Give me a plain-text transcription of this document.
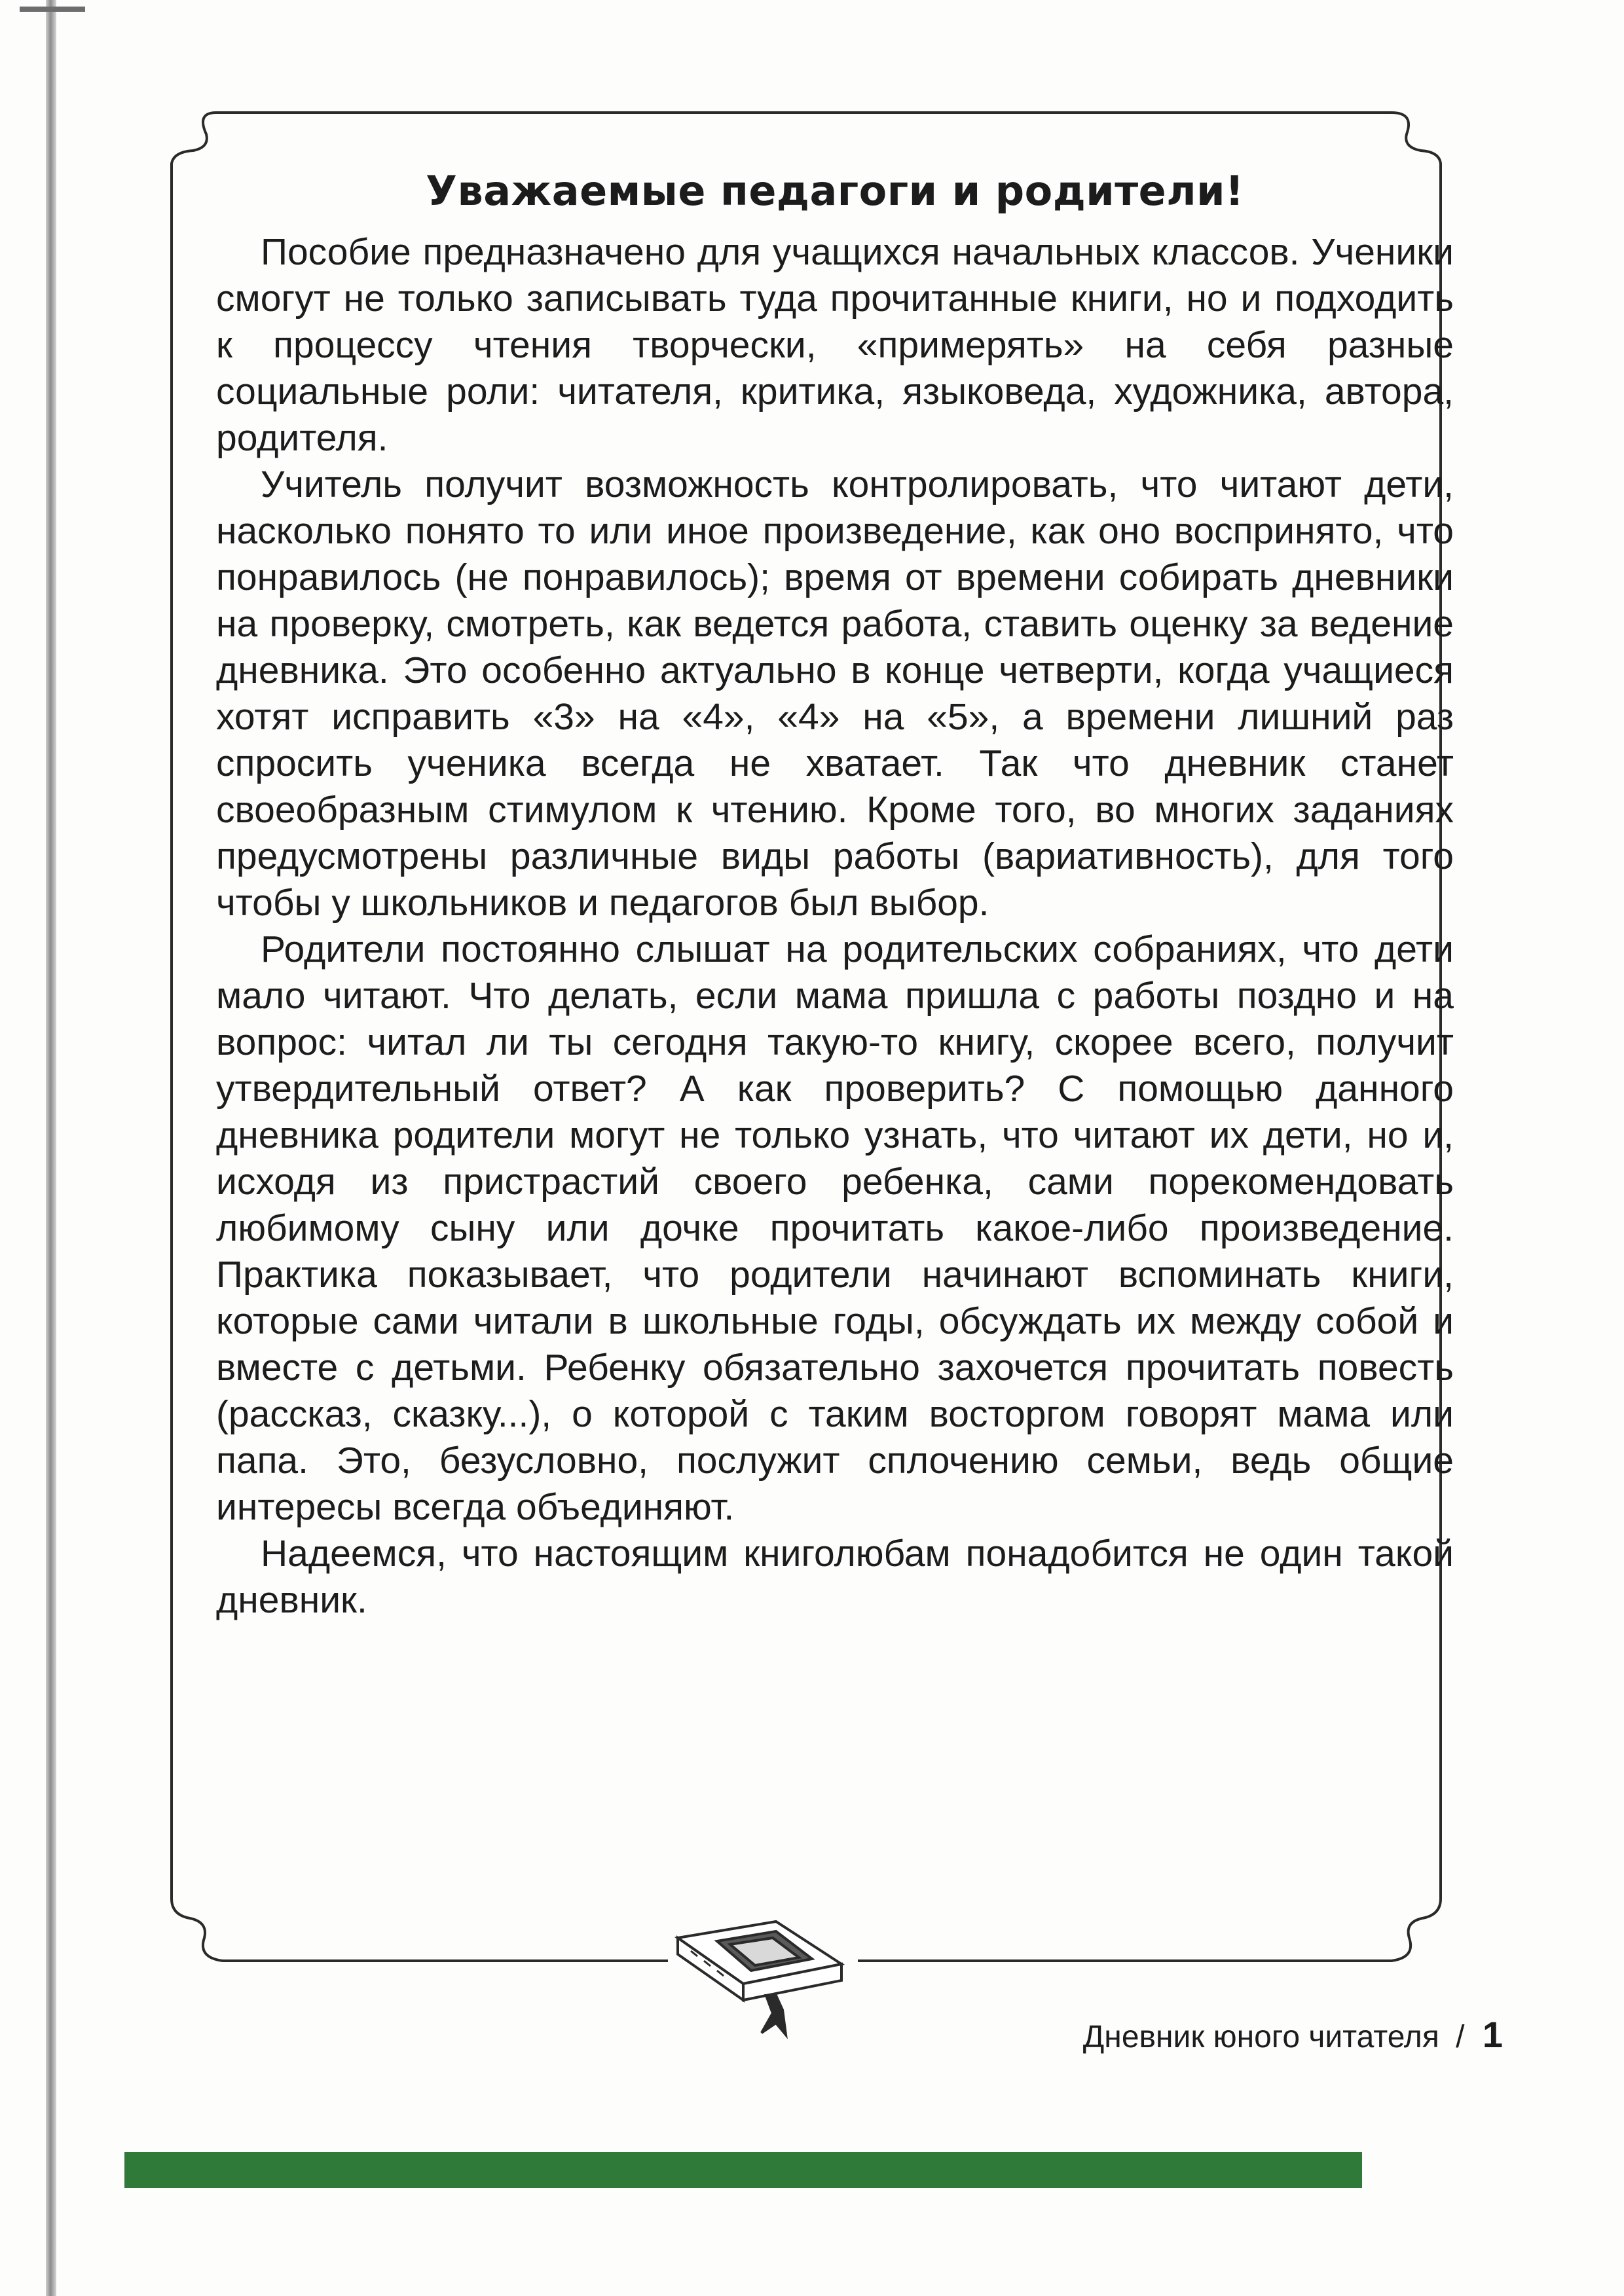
Уважаемые педагоги и родители!

Пособие предназначено для учащихся начальных классов. Ученики смогут не только записывать туда прочитанные книги, но и подходить к процессу чтения творчески, «примерять» на себя разные социальные роли: читателя, критика, языковеда, художника, автора, родителя.

Учитель получит возможность контролировать, что читают дети, насколько понято то или иное произведение, как оно воспринято, что понравилось (не понравилось); время от времени собирать дневники на проверку, смотреть, как ведется работа, ставить оценку за ведение дневника. Это особенно актуально в конце четверти, когда учащиеся хотят исправить «3» на «4», «4» на «5», а времени лишний раз спросить ученика всегда не хватает. Так что дневник станет своеобразным стимулом к чтению. Кроме того, во многих заданиях предусмотрены различные виды работы (вариативность), для того чтобы у школьников и педагогов был выбор.

Родители постоянно слышат на родительских собраниях, что дети мало читают. Что делать, если мама пришла с работы поздно и на вопрос: читал ли ты сегодня такую-то книгу, скорее всего, получит утвердительный ответ? А как проверить? С помощью данного дневника родители могут не только узнать, что читают их дети, но и, исходя из пристрастий своего ребенка, сами порекомендовать любимому сыну или дочке прочитать какое-либо произведение. Практика показывает, что родители начинают вспоминать книги, которые сами читали в школьные годы, обсуждать их между собой и вместе с детьми. Ребенку обязательно захочется прочитать повесть (рассказ, сказку...), о которой с таким восторгом говорят мама или папа. Это, безусловно, послужит сплочению семьи, ведь общие интересы всегда объединяют.

Надеемся, что настоящим книголюбам понадобится не один такой дневник.

Дневник юного читателя / 1
